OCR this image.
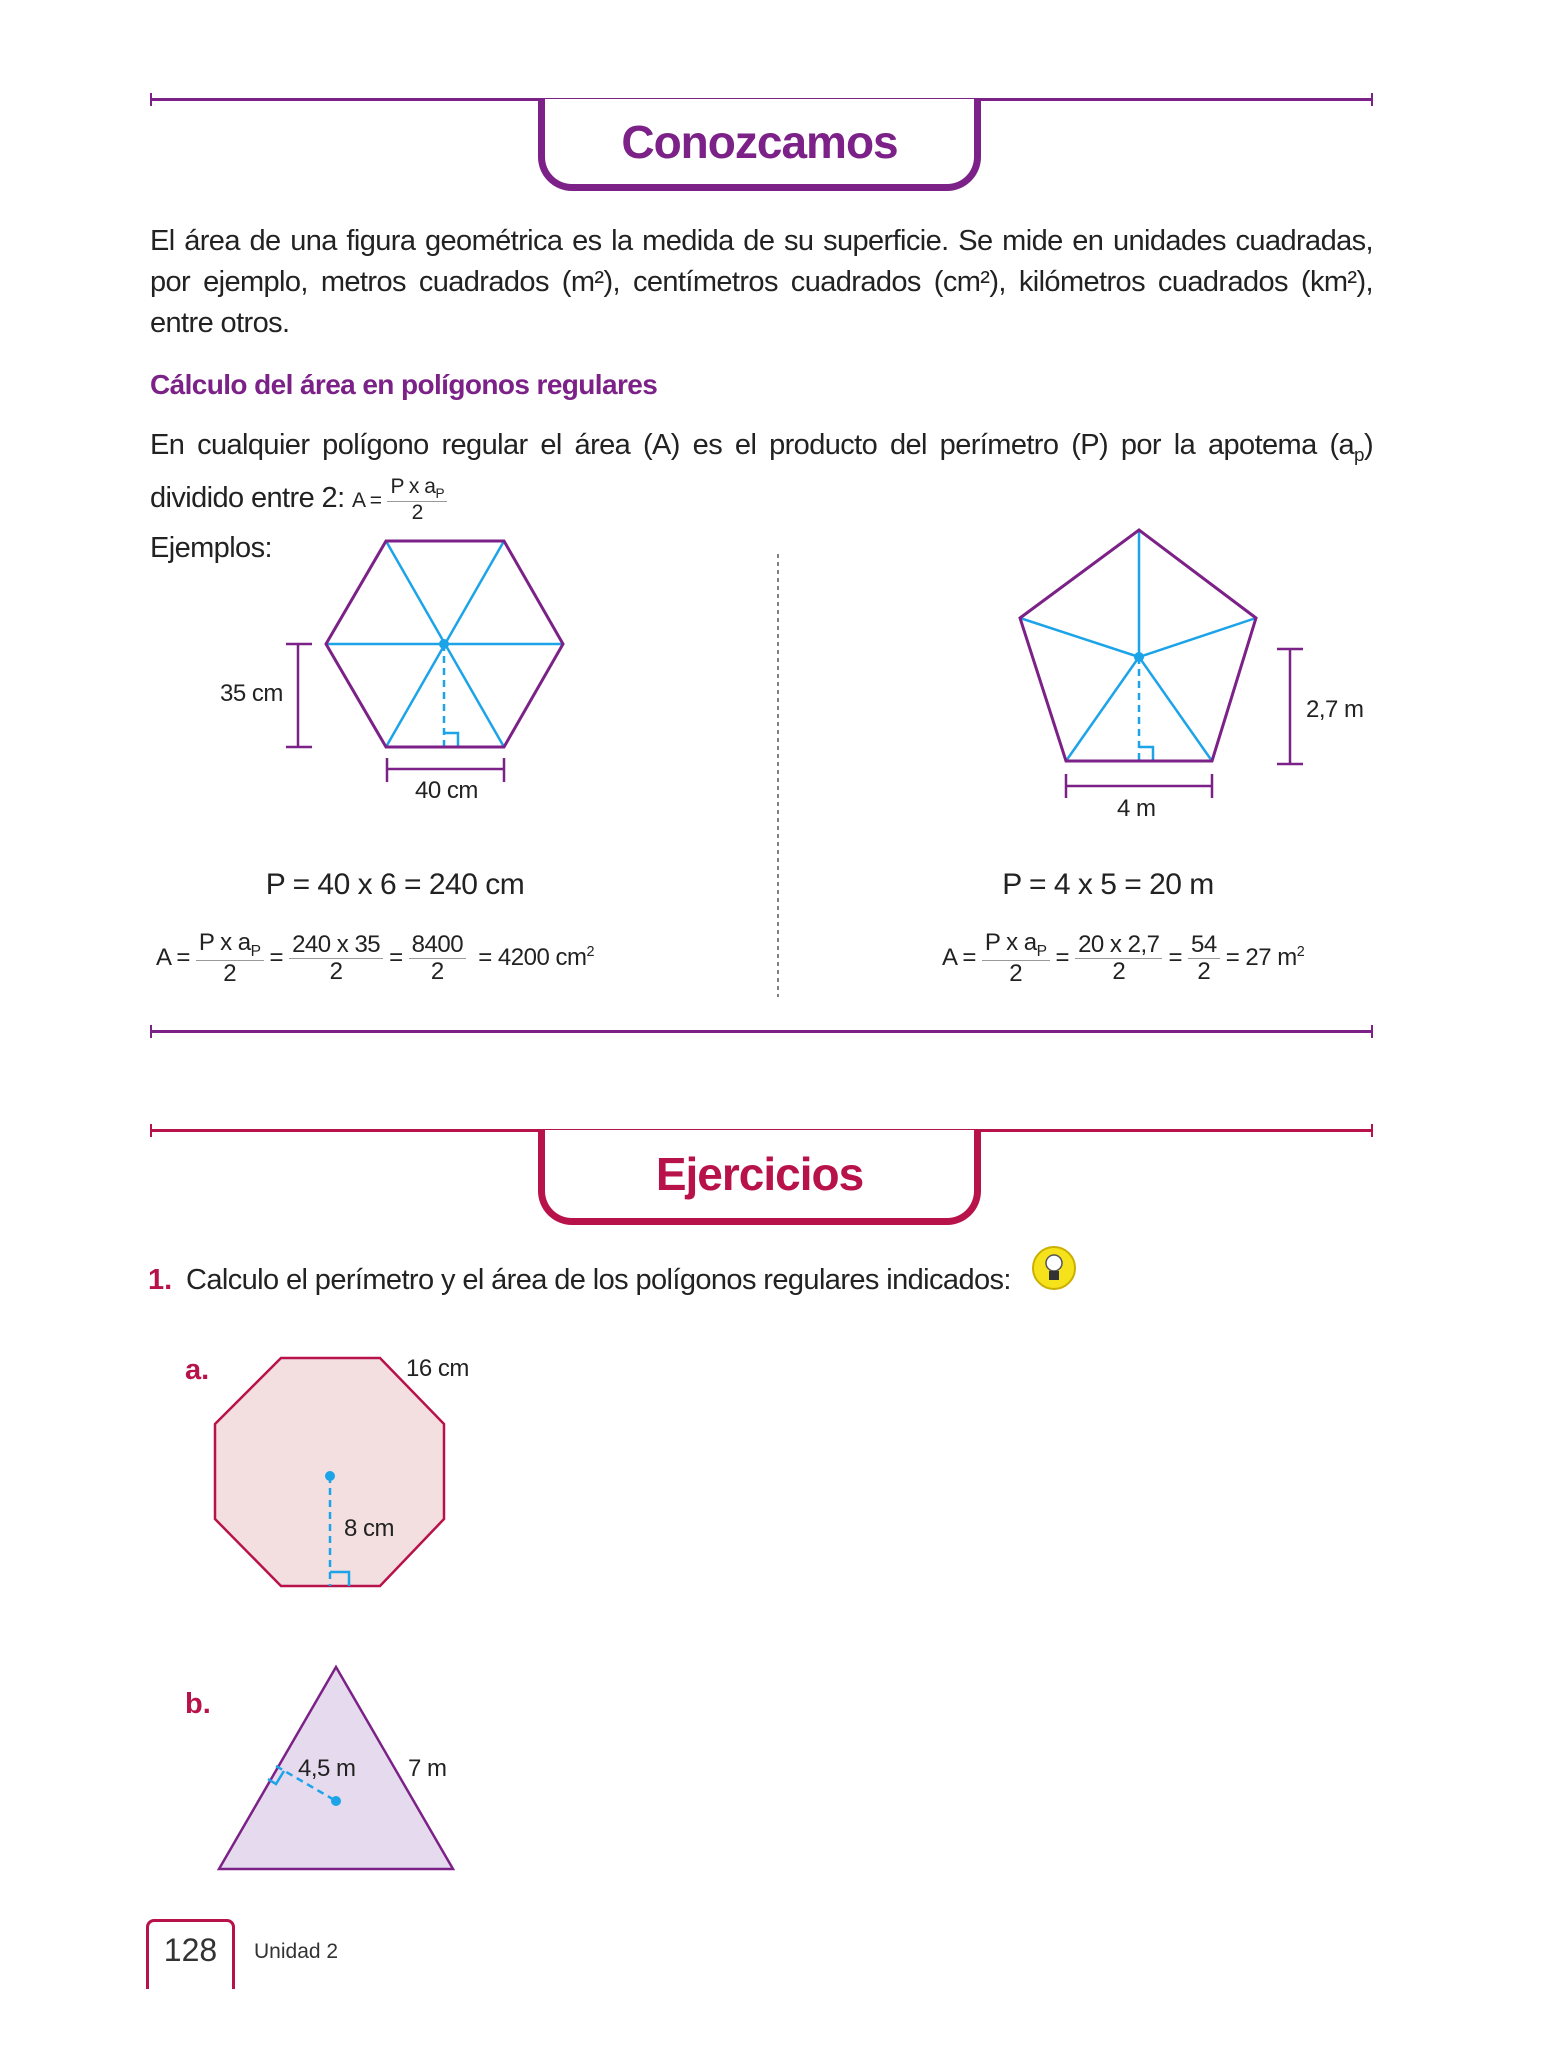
Conozcamos
El área de una figura geométrica es la medida de su superficie. Se mide en unidades cuadradas, por ejemplo, metros cuadrados (m²), centímetros cuadrados (cm²), kilómetros cuadrados (km²), entre otros.
Cálculo del área en polígonos regulares
En cualquier polígono regular el área (A) es el producto del perímetro (P) por la apotema $(a_p)$ dividido entre 2: $A = \frac{P x a_P}{2}$
Ejemplos:
35 cm
40 cm
2,7 m
4 m
P = 40 x 6 = 240 cm	P = 4 x 5 = 20 m
$A = \frac{P x a_P}{2} = \frac{240 x 35}{2} = \frac{8400}{2} = 4200$ $cm^2$	$A = \frac{P x a_P}{2} = \frac{20 x 2,7}{2} = \frac{54}{2} = 27$ $m^2$
Ejercicios
1. Calculo el perímetro y el área de los polígonos regulares indicados:
a.	16 cm
8 cm
b.
4,5 m 7 m
128 Unidad 2
